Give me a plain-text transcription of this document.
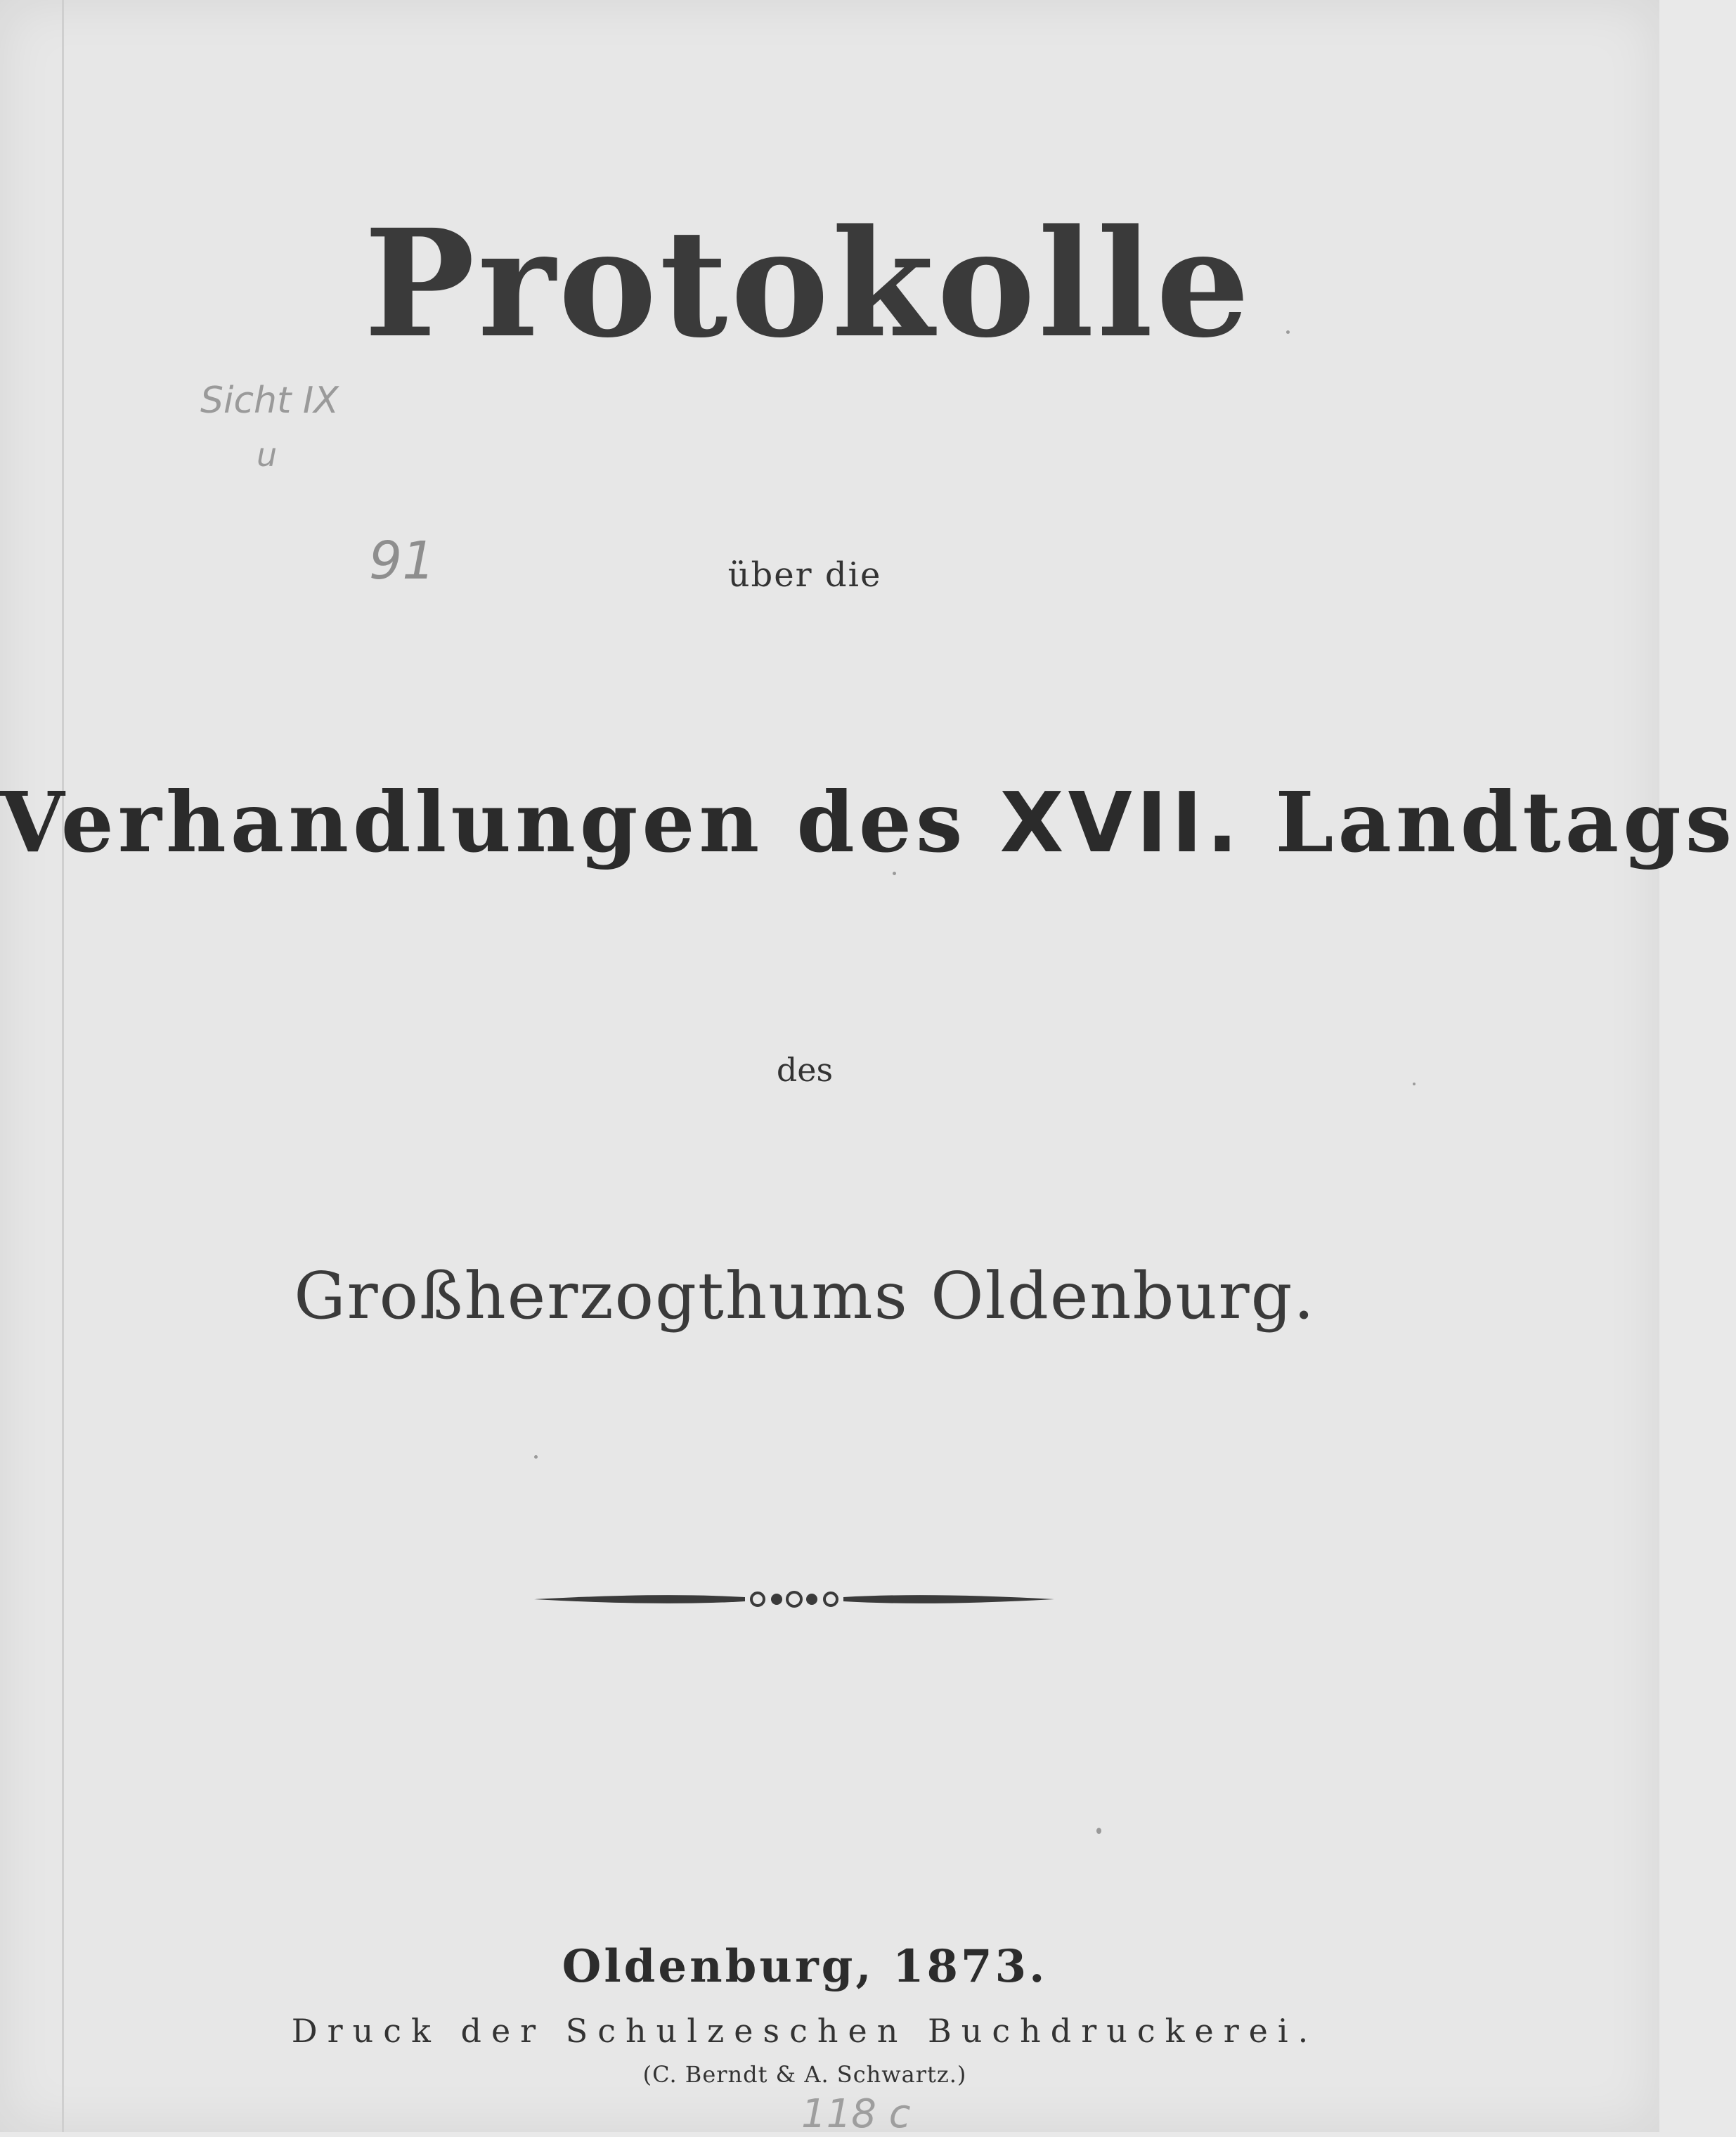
Sicht IX
u
91
Protokolle
über die
Verhandlungen des XVII. Landtags
des
Großherzogthums Oldenburg.
Oldenburg, 1873.
Druck der Schulzeschen Buchdruckerei.
(C. Berndt & A. Schwartz.)
118 c
